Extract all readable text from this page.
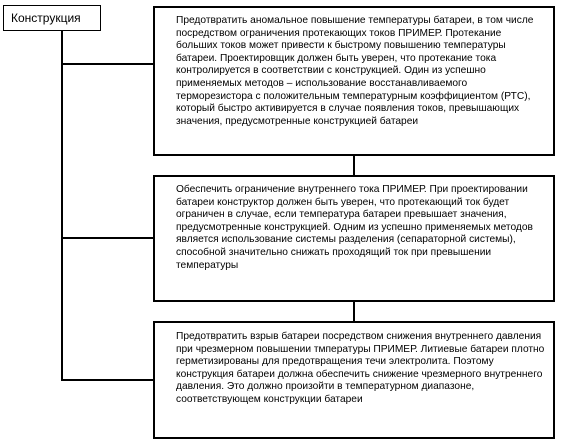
Конструкция	Предотвратить аномальное повышение температуры батареи, в том числе посредством ограничения протекающих токов ПРИМЕР. Протекание больших токов может привести к быстрому повышению температуры батареи. Проектировщик должен быть уверен, что протекание тока контролируется в соответствии с конструкцией. Один из успешно применяемых методов – использование восстанавливаемого терморезистора с положительным температурным коэффициентом (РТС), который быстро активируется в случае появления токов, превышающих значения, предусмотренные конструкцией батареи
Обеспечить ограничение внутреннего тока ПРИМЕР. При проектировании батареи конструктор должен быть уверен, что протекающий ток будет ограничен в случае, если температура батареи превышает значения, предусмотренные конструкцией. Одним из успешно применяемых методов является использование системы разделения (сепараторной системы), способной значительно снижать проходящий ток при превышении температуры
Предотвратить взрыв батареи посредством снижения внутреннего давления при чрезмерном повышении тмпературы ПРИМЕР. Литиевые батареи плотно герметизированы для предотвращения течи электролита. Поэтому конструкция батареи должна обеспечить снижение чрезмерного внутреннего давления. Это должно произойти в температурном диапазоне, соответствующем конструкции батареи
